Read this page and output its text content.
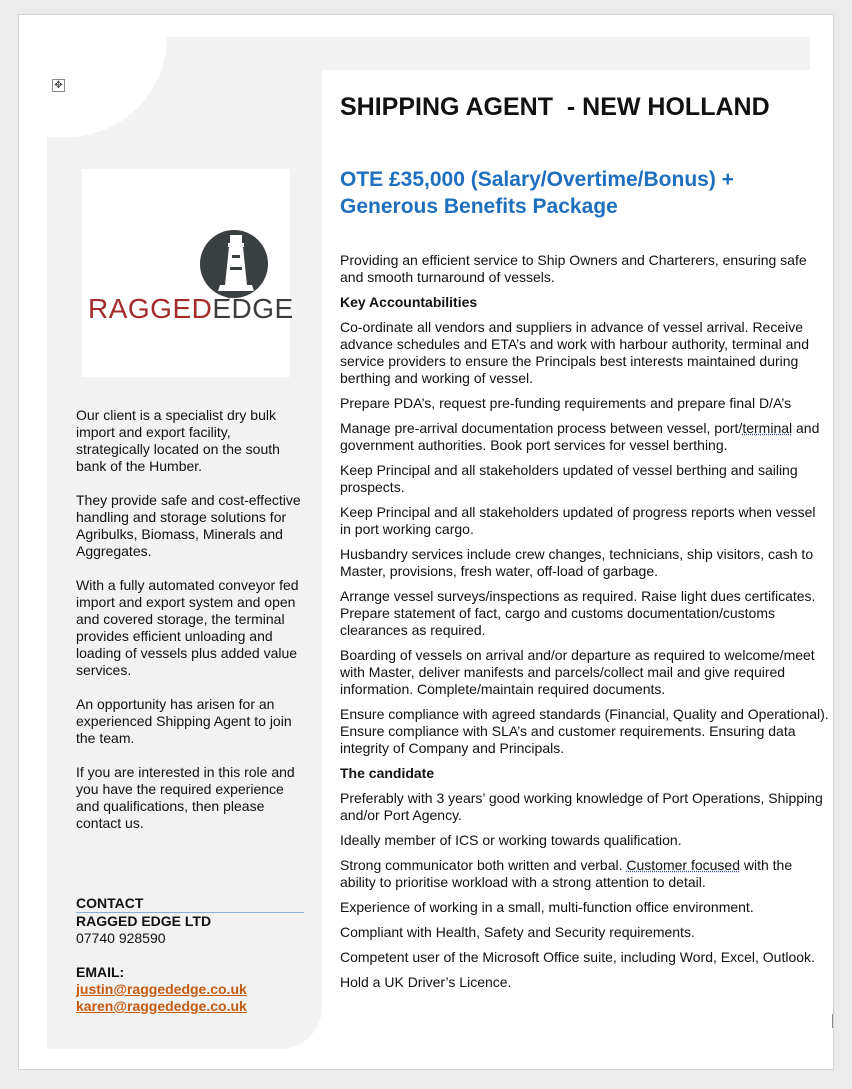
✥
RAGGEDEDGE

Our client is a specialist dry bulk import and export facility, strategically located on the south bank of the Humber.

They provide safe and cost-effective handling and storage solutions for Agribulks, Biomass, Minerals and Aggregates.

With a fully automated conveyor fed import and export system and open and covered storage, the terminal provides efficient unloading and loading of vessels plus added value services.

An opportunity has arisen for an experienced Shipping Agent to join the team.

If you are interested in this role and you have the required experience and qualifications, then please contact us.

CONTACT
RAGGED EDGE LTD
07740 928590
EMAIL:
justin@raggededge.co.uk
karen@raggededge.co.uk
SHIPPING AGENT  - NEW HOLLAND
OTE £35,000 (Salary/Overtime/Bonus) + Generous Benefits Package
Providing an efficient service to Ship Owners and Charterers, ensuring safe and smooth turnaround of vessels.
Key Accountabilities
Co-ordinate all vendors and suppliers in advance of vessel arrival. Receive advance schedules and ETA’s and work with harbour authority, terminal and service providers to ensure the Principals best interests maintained during berthing and working of vessel.
Prepare PDA’s, request pre-funding requirements and prepare final D/A’s
Manage pre-arrival documentation process between vessel, port/terminal and government authorities. Book port services for vessel berthing.
Keep Principal and all stakeholders updated of vessel berthing and sailing prospects.
Keep Principal and all stakeholders updated of progress reports when vessel in port working cargo.
Husbandry services include crew changes, technicians, ship visitors, cash to Master, provisions, fresh water, off-load of garbage.
Arrange vessel surveys/inspections as required. Raise light dues certificates. Prepare statement of fact, cargo and customs documentation/customs clearances as required.
Boarding of vessels on arrival and/or departure as required to welcome/meet with Master, deliver manifests and parcels/collect mail and give required information. Complete/maintain required documents.
Ensure compliance with agreed standards (Financial, Quality and Operational). Ensure compliance with SLA’s and customer requirements. Ensuring data integrity of Company and Principals.
The candidate
Preferably with 3 years’ good working knowledge of Port Operations, Shipping and/or Port Agency.
Ideally member of ICS or working towards qualification.
Strong communicator both written and verbal. Customer focused with the ability to prioritise workload with a strong attention to detail.
Experience of working in a small, multi-function office environment.
Compliant with Health, Safety and Security requirements.
Competent user of the Microsoft Office suite, including Word, Excel, Outlook.
Hold a UK Driver’s Licence.
